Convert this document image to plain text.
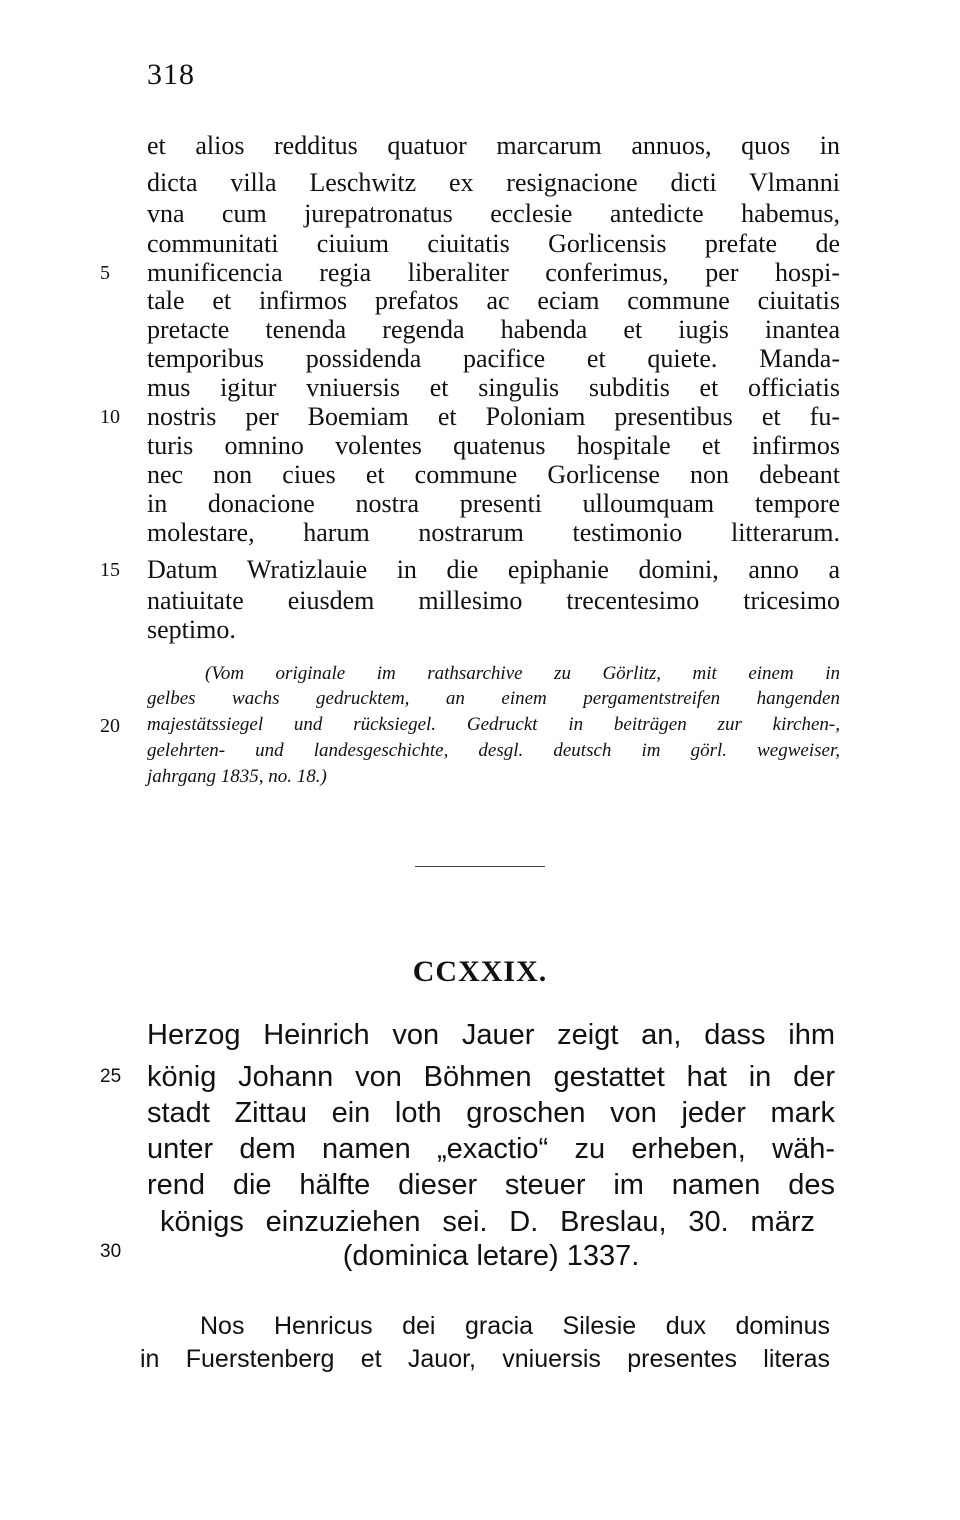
318
et alios redditus quatuor marcarum annuos, quos in
dicta villa Leschwitz ex resignacione dicti Vlmanni
vna cum jurepatronatus ecclesie antedicte habemus,
communitati ciuium ciuitatis Gorlicensis prefate de
munificencia regia liberaliter conferimus, per hospi-
tale et infirmos prefatos ac eciam commune ciuitatis
pretacte tenenda regenda habenda et iugis inantea
temporibus possidenda pacifice et quiete. Manda-
mus igitur vniuersis et singulis subditis et officiatis
nostris per Boemiam et Poloniam presentibus et fu-
turis omnino volentes quatenus hospitale et infirmos
nec non ciues et commune Gorlicense non debeant
in donacione nostra presenti ulloumquam tempore
molestare, harum nostrarum testimonio litterarum.
Datum Wratizlauie in die epiphanie domini, anno a
natiuitate eiusdem millesimo trecentesimo tricesimo
septimo.
5
10
15
20
25
30
(Vom originale im rathsarchive zu Görlitz, mit einem in
gelbes wachs gedrucktem, an einem pergamentstreifen hangenden
majestätssiegel und rücksiegel. Gedruckt in beiträgen zur kirchen-,
gelehrten- und landesgeschichte, desgl. deutsch im görl. wegweiser,
jahrgang 1835, no. 18.)
CCXXIX.
Herzog Heinrich von Jauer zeigt an, dass ihm
könig Johann von Böhmen gestattet hat in der
stadt Zittau ein loth groschen von jeder mark
unter dem namen „exactio“ zu erheben, wäh-
rend die hälfte dieser steuer im namen des
königs einzuziehen sei. D. Breslau, 30. märz
(dominica letare) 1337.
Nos Henricus dei gracia Silesie dux dominus
in Fuerstenberg et Jauor, vniuersis presentes literas
